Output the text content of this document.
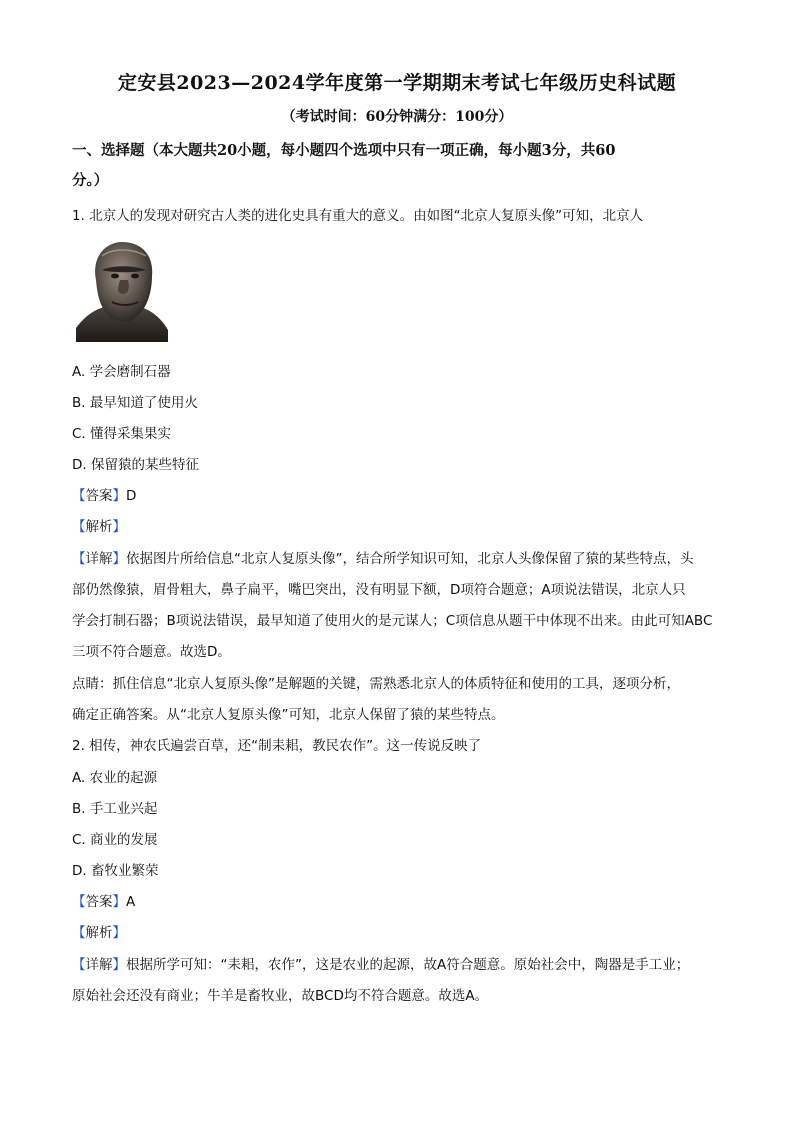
定安县2023—2024学年度第一学期期末考试七年级历史科试题
（考试时间：60分钟满分：100分）
一、选择题（本大题共20小题，每小题四个选项中只有一项正确，每小题3分，共60
分。）
1. 北京人的发现对研究古人类的进化史具有重大的意义。由如图“北京人复原头像”可知，北京人
A. 学会磨制石器
B. 最早知道了使用火
C. 懂得采集果实
D. 保留猿的某些特征
【答案】D
【解析】
【详解】依据图片所给信息“北京人复原头像”，结合所学知识可知，北京人头像保留了猿的某些特点，头
部仍然像猿，眉骨粗大，鼻子扁平，嘴巴突出，没有明显下额，D项符合题意；A项说法错误，北京人只
学会打制石器；B项说法错误，最早知道了使用火的是元谋人；C项信息从题干中体现不出来。由此可知ABC
三项不符合题意。故选D。
点睛：抓住信息“北京人复原头像”是解题的关键，需熟悉北京人的体质特征和使用的工具，逐项分析，
确定正确答案。从“北京人复原头像”可知，北京人保留了猿的某些特点。
2. 相传，神农氏遍尝百草，还“制耒耜，教民农作”。这一传说反映了
A. 农业的起源
B. 手工业兴起
C. 商业的发展
D. 畜牧业繁荣
【答案】A
【解析】
【详解】根据所学可知：“耒耜，农作”，这是农业的起源，故A符合题意。原始社会中，陶器是手工业；
原始社会还没有商业；牛羊是畜牧业，故BCD均不符合题意。故选A。
